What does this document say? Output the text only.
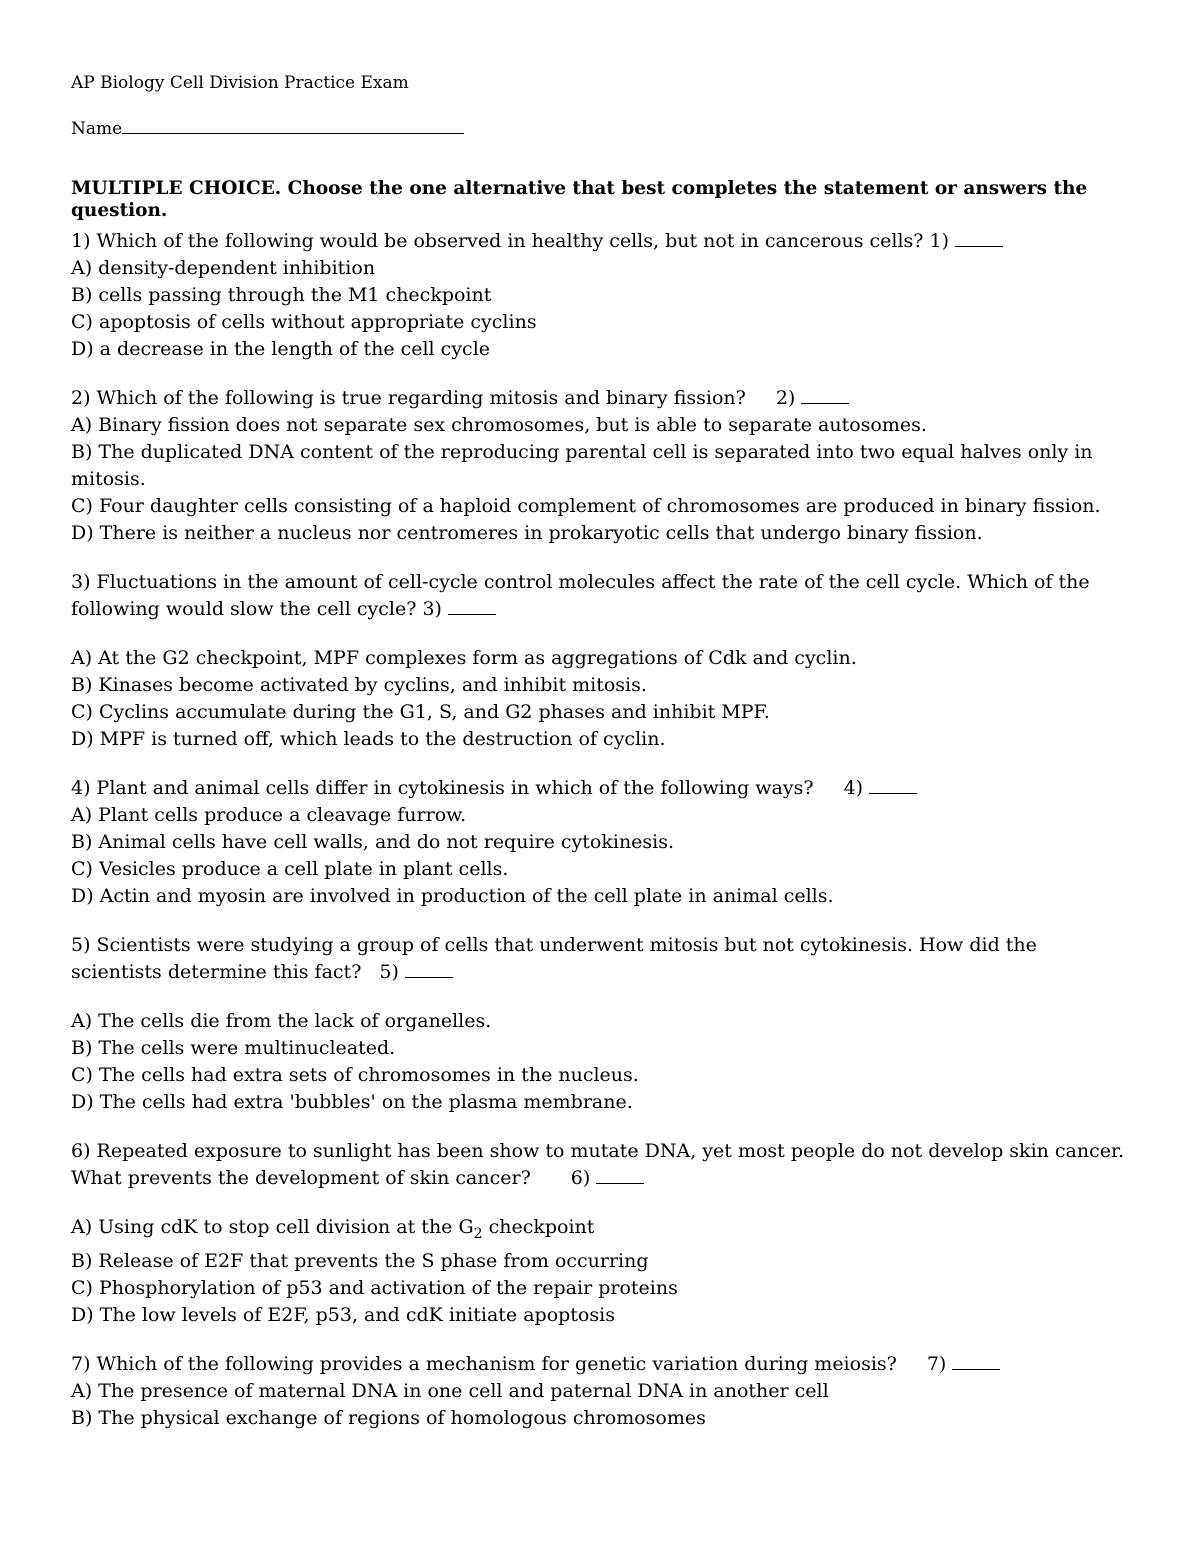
AP Biology Cell Division Practice Exam
Name
MULTIPLE CHOICE. Choose the one alternative that best completes the statement or answers the question.
1) Which of the following would be observed in healthy cells, but not in cancerous cells? 1)
A) density-dependent inhibition
B) cells passing through the M1 checkpoint
C) apoptosis of cells without appropriate cyclins
D) a decrease in the length of the cell cycle
2) Which of the following is true regarding mitosis and binary fission? 2)
A) Binary fission does not separate sex chromosomes, but is able to separate autosomes.
B) The duplicated DNA content of the reproducing parental cell is separated into two equal halves only in mitosis.
C) Four daughter cells consisting of a haploid complement of chromosomes are produced in binary fission.
D) There is neither a nucleus nor centromeres in prokaryotic cells that undergo binary fission.
3) Fluctuations in the amount of cell-cycle control molecules affect the rate of the cell cycle. Which of the following would slow the cell cycle? 3)
A) At the G2 checkpoint, MPF complexes form as aggregations of Cdk and cyclin.
B) Kinases become activated by cyclins, and inhibit mitosis.
C) Cyclins accumulate during the G1, S, and G2 phases and inhibit MPF.
D) MPF is turned off, which leads to the destruction of cyclin.
4) Plant and animal cells differ in cytokinesis in which of the following ways? 4)
A) Plant cells produce a cleavage furrow.
B) Animal cells have cell walls, and do not require cytokinesis.
C) Vesicles produce a cell plate in plant cells.
D) Actin and myosin are involved in production of the cell plate in animal cells.
5) Scientists were studying a group of cells that underwent mitosis but not cytokinesis. How did the scientists determine this fact? 5)
A) The cells die from the lack of organelles.
B) The cells were multinucleated.
C) The cells had extra sets of chromosomes in the nucleus.
D) The cells had extra 'bubbles' on the plasma membrane.
6) Repeated exposure to sunlight has been show to mutate DNA, yet most people do not develop skin cancer. What prevents the development of skin cancer? 6)
A) Using cdK to stop cell division at the $G_2$ checkpoint
B) Release of E2F that prevents the S phase from occurring
C) Phosphorylation of p53 and activation of the repair proteins
D) The low levels of E2F, p53, and cdK initiate apoptosis
7) Which of the following provides a mechanism for genetic variation during meiosis? 7)
A) The presence of maternal DNA in one cell and paternal DNA in another cell
B) The physical exchange of regions of homologous chromosomes
